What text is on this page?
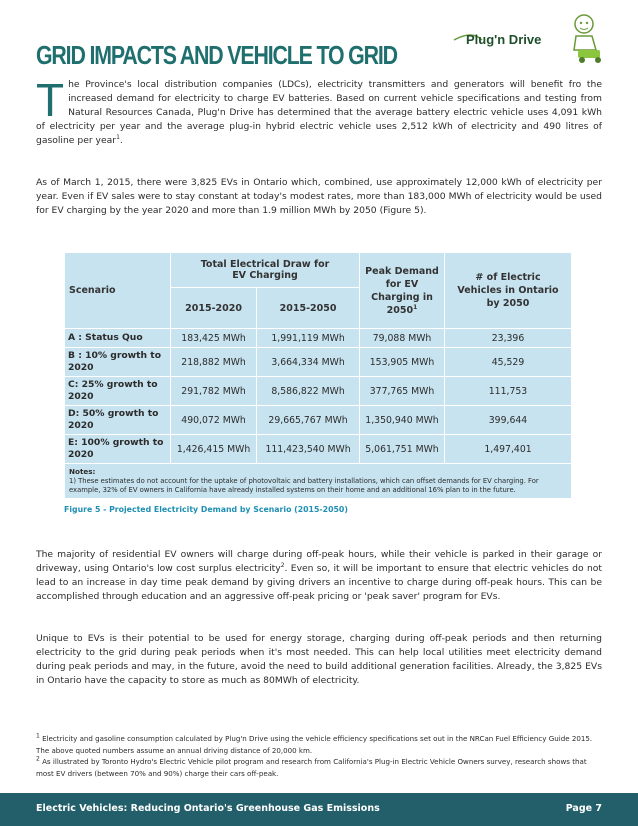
GRID IMPACTS AND VEHICLE TO GRID
Plug'n Drive

The Province's local distribution companies (LDCs), electricity transmitters and generators will benefit fro the increased demand for electricity to charge EV batteries. Based on current vehicle specifications and testing from Natural Resources Canada, Plug'n Drive has determined that the average battery electric vehicle uses 4,091 kWh of electricity per year and the average plug-in hybrid electric vehicle uses 2,512 kWh of electricity and 490 litres of gasoline per year$^1$.

As of March 1, 2015, there were 3,825 EVs in Ontario which, combined, use approximately 12,000 kWh of electricity per year. Even if EV sales were to stay constant at today's modest rates, more than 183,000 MWh of electricity would be used for EV charging by the year 2020 and more than 1.9 million MWh by 2050 (Figure 5).

Scenario	Total Electrical Draw for EV Charging		Peak Demand for EV Charging in 2050$^1$	# of Electric Vehicles in Ontario by 2050
	2015-2020	2015-2050		
A : Status Quo	183,425 MWh	1,991,119 MWh	79,088 MWh	23,396
B : 10% growth to 2020	218,882 MWh	3,664,334 MWh	153,905 MWh	45,529
C: 25% growth to 2020	291,782 MWh	8,586,822 MWh	377,765 MWh	111,753
D: 50% growth to 2020	490,072 MWh	29,665,767 MWh	1,350,940 MWh	399,644
E: 100% growth to 2020	1,426,415 MWh	111,423,540 MWh	5,061,751 MWh	1,497,401
Notes:
1) These estimates do not account for the uptake of photovoltaic and battery installations, which can offset demands for EV charging. For example, 32% of EV owners in California have already installed systems on their home and an additional 16% plan to in the future.				
Figure 5 - Projected Electricity Demand by Scenario (2015-2050)

The majority of residential EV owners will charge during off-peak hours, while their vehicle is parked in their garage or driveway, using Ontario's low cost surplus electricity$^2$. Even so, it will be important to ensure that electric vehicles do not lead to an increase in day time peak demand by giving drivers an incentive to charge during off-peak hours. This can be accomplished through education and an aggressive off-peak pricing or 'peak saver' program for EVs.

Unique to EVs is their potential to be used for energy storage, charging during off-peak periods and then returning electricity to the grid during peak periods when it's most needed. This can help local utilities meet electricity demand during peak periods and may, in the future, avoid the need to build additional generation facilities. Already, the 3,825 EVs in Ontario have the capacity to store as much as 80MWh of electricity.

$^1$ Electricity and gasoline consumption calculated by Plug'n Drive using the vehicle efficiency specifications set out in the NRCan Fuel Efficiency Guide 2015. The above quoted numbers assume an annual driving distance of 20,000 km.
$^2$ As illustrated by Toronto Hydro's Electric Vehicle pilot program and research from California's Plug-in Electric Vehicle Owners survey, research shows that most EV drivers (between 70% and 90%) charge their cars off-peak.
Electric Vehicles: Reducing Ontario's Greenhouse Gas Emissions	Page 7
